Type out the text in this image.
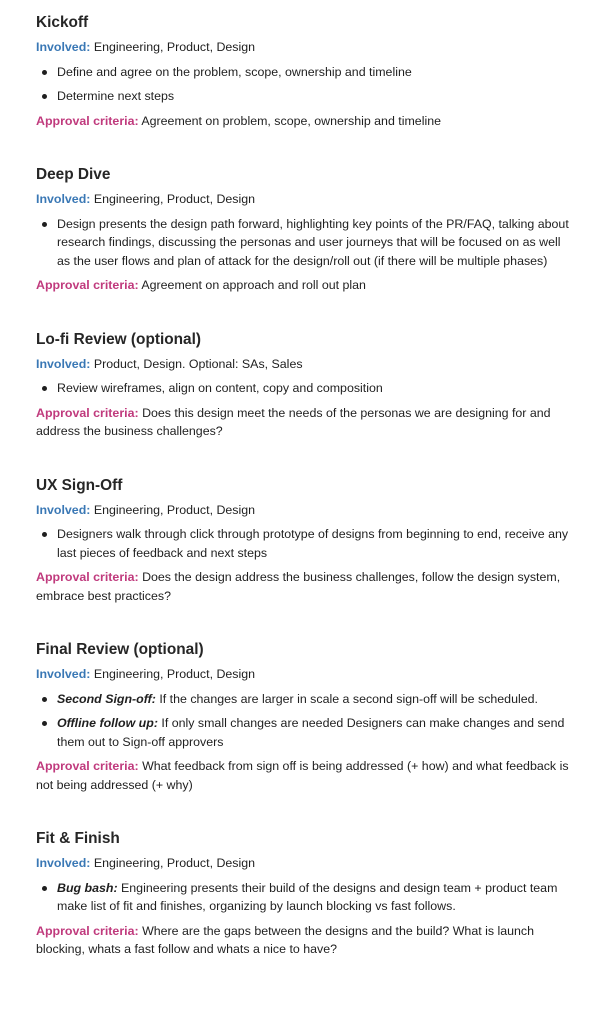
Kickoff
Involved: Engineering, Product, Design
Define and agree on the problem, scope, ownership and timeline
Determine next steps
Approval criteria: Agreement on problem, scope, ownership and timeline
Deep Dive
Involved: Engineering, Product, Design
Design presents the design path forward, highlighting key points of the PR/FAQ, talking about research findings, discussing the personas and user journeys that will be focused on as well as the user flows and plan of attack for the design/roll out (if there will be multiple phases)
Approval criteria: Agreement on approach and roll out plan
Lo-fi Review (optional)
Involved: Product, Design. Optional: SAs, Sales
Review wireframes, align on content, copy and composition
Approval criteria: Does this design meet the needs of the personas we are designing for and address the business challenges?
UX Sign-Off
Involved: Engineering, Product, Design
Designers walk through click through prototype of designs from beginning to end, receive any last pieces of feedback and next steps
Approval criteria: Does the design address the business challenges, follow the design system, embrace best practices?
Final Review (optional)
Involved: Engineering, Product, Design
Second Sign-off: If the changes are larger in scale a second sign-off will be scheduled.
Offline follow up: If only small changes are needed Designers can make changes and send them out to Sign-off approvers
Approval criteria: What feedback from sign off is being addressed (+ how) and what feedback is not being addressed (+ why)
Fit & Finish
Involved: Engineering, Product, Design
Bug bash: Engineering presents their build of the designs and design team + product team make list of fit and finishes, organizing by launch blocking vs fast follows.
Approval criteria: Where are the gaps between the designs and the build? What is launch blocking, whats a fast follow and whats a nice to have?
